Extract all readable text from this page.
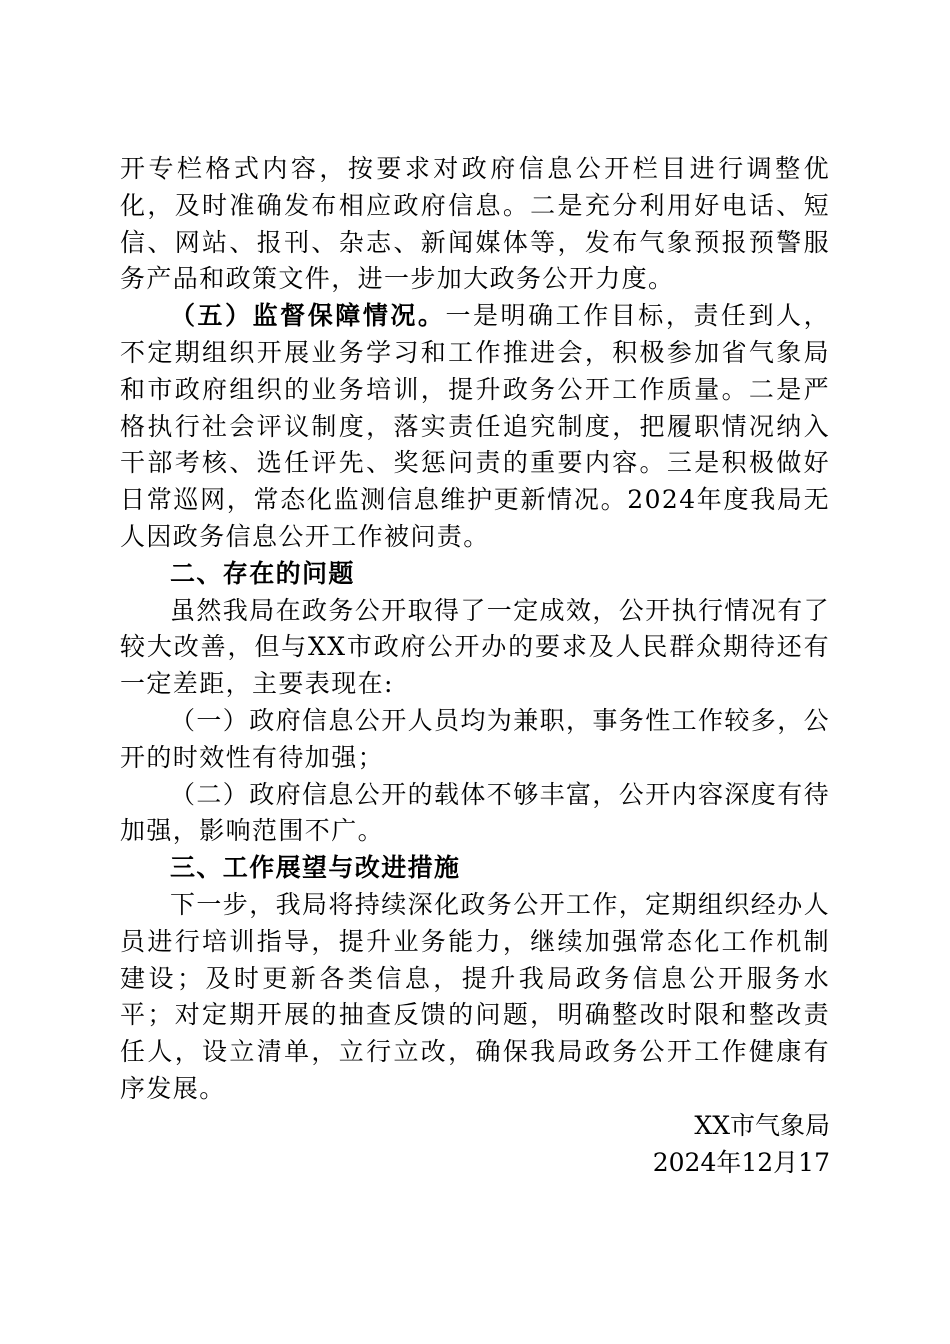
开专栏格式内容，按要求对政府信息公开栏目进行调整优化，及时准确发布相应政府信息。二是充分利用好电话、短信、网站、报刊、杂志、新闻媒体等，发布气象预报预警服务产品和政策文件，进一步加大政务公开力度。

（五）监督保障情况。一是明确工作目标，责任到人，不定期组织开展业务学习和工作推进会，积极参加省气象局和市政府组织的业务培训，提升政务公开工作质量。二是严格执行社会评议制度，落实责任追究制度，把履职情况纳入干部考核、选任评先、奖惩问责的重要内容。三是积极做好日常巡网，常态化监测信息维护更新情况。2024年度我局无人因政务信息公开工作被问责。

二、存在的问题

虽然我局在政务公开取得了一定成效，公开执行情况有了较大改善，但与XX市政府公开办的要求及人民群众期待还有一定差距，主要表现在:

（一）政府信息公开人员均为兼职，事务性工作较多，公开的时效性有待加强；

（二）政府信息公开的载体不够丰富，公开内容深度有待加强，影响范围不广。

三、工作展望与改进措施

下一步，我局将持续深化政务公开工作，定期组织经办人员进行培训指导，提升业务能力，继续加强常态化工作机制建设；及时更新各类信息，提升我局政务信息公开服务水平；对定期开展的抽查反馈的问题，明确整改时限和整改责任人，设立清单，立行立改，确保我局政务公开工作健康有序发展。

XX市气象局

2024年12月17
